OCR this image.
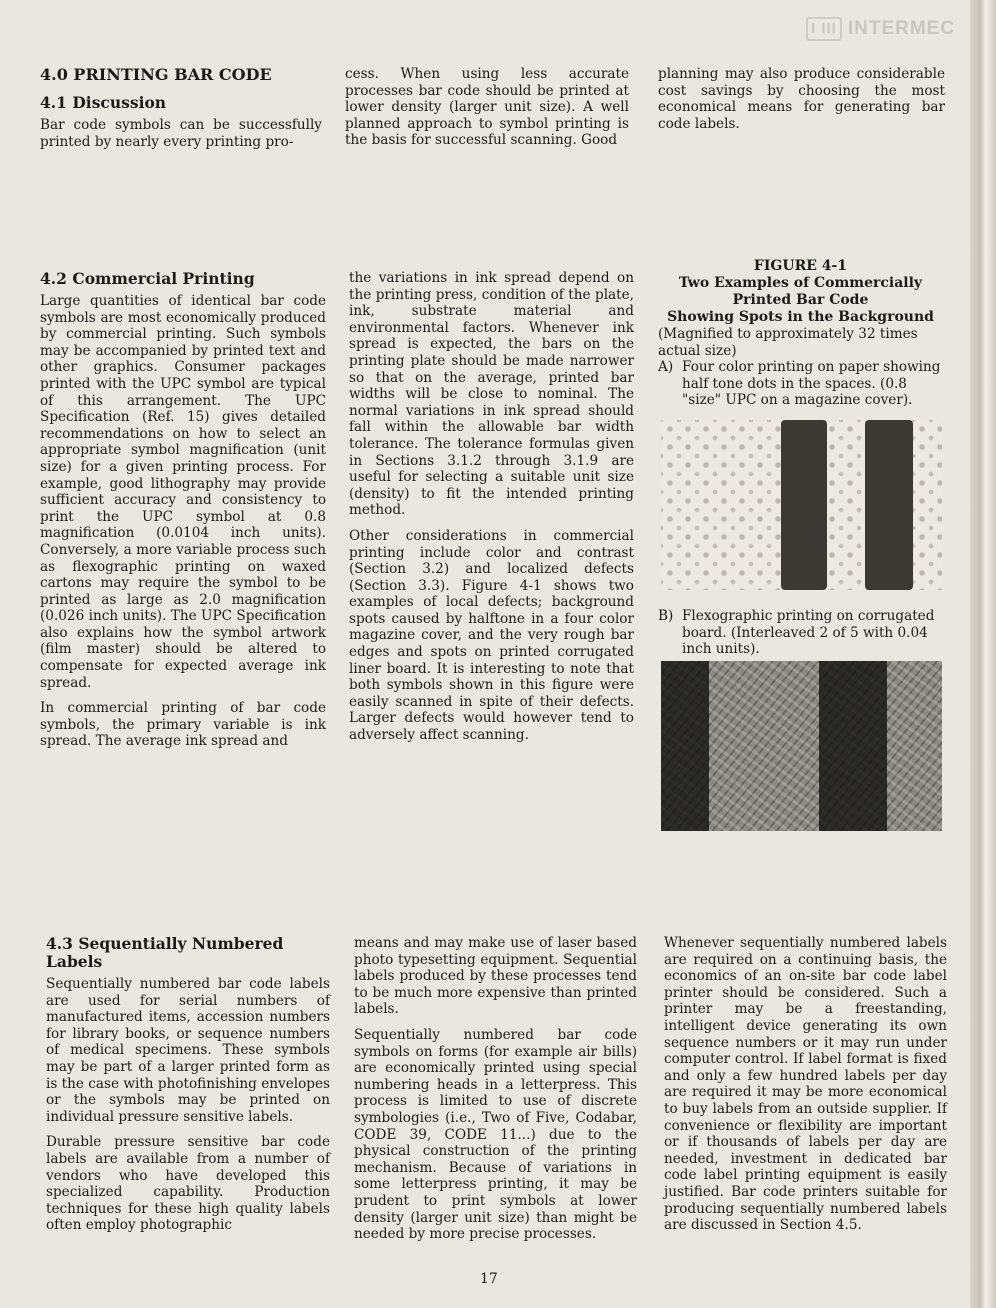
I III INTERMEC
4.0 PRINTING BAR CODE
4.1 Discussion

Bar code symbols can be successfully printed by nearly every printing pro-

cess. When using less accurate processes bar code should be printed at lower density (larger unit size). A well planned approach to symbol printing is the basis for successful scanning. Good

planning may also produce considerable cost savings by choosing the most economical means for generating bar code labels.

4.2 Commercial Printing

Large quantities of identical bar code symbols are most economically produced by commercial printing. Such symbols may be accompanied by printed text and other graphics. Consumer packages printed with the UPC symbol are typical of this arrangement. The UPC Specification (Ref. 15) gives detailed recommendations on how to select an appropriate symbol magnification (unit size) for a given printing process. For example, good lithography may provide sufficient accuracy and consistency to print the UPC symbol at 0.8 magnification (0.0104 inch units). Conversely, a more variable process such as flexographic printing on waxed cartons may require the symbol to be printed as large as 2.0 magnification (0.026 inch units). The UPC Specification also explains how the symbol artwork (film master) should be altered to compensate for expected average ink spread.

In commercial printing of bar code symbols, the primary variable is ink spread. The average ink spread and

the variations in ink spread depend on the printing press, condition of the plate, ink, substrate material and environmental factors. Whenever ink spread is expected, the bars on the printing plate should be made narrower so that on the average, printed bar widths will be close to nominal. The normal variations in ink spread should fall within the allowable bar width tolerance. The tolerance formulas given in Sections 3.1.2 through 3.1.9 are useful for selecting a suitable unit size (density) to fit the intended printing method.

Other considerations in commercial printing include color and contrast (Section 3.2) and localized defects (Section 3.3). Figure 4-1 shows two examples of local defects; background spots caused by halftone in a four color magazine cover, and the very rough bar edges and spots on printed corrugated liner board. It is interesting to note that both symbols shown in this figure were easily scanned in spite of their defects. Larger defects would however tend to adversely affect scanning.

FIGURE 4-1
Two Examples of Commercially
Printed Bar Code
Showing Spots in the Background
(Magnified to approximately 32 times actual size)
A) Four color printing on paper showing half tone dots in the spaces. (0.8 "size" UPC on a magazine cover).
B) Flexographic printing on corrugated board. (Interleaved 2 of 5 with 0.04 inch units).
4.3 Sequentially Numbered Labels

Sequentially numbered bar code labels are used for serial numbers of manufactured items, accession numbers for library books, or sequence numbers of medical specimens. These symbols may be part of a larger printed form as is the case with photofinishing envelopes or the symbols may be printed on individual pressure sensitive labels.

Durable pressure sensitive bar code labels are available from a number of vendors who have developed this specialized capability. Production techniques for these high quality labels often employ photographic

means and may make use of laser based photo typesetting equipment. Sequential labels produced by these processes tend to be much more expensive than printed labels.

Sequentially numbered bar code symbols on forms (for example air bills) are economically printed using special numbering heads in a letterpress. This process is limited to use of discrete symbologies (i.e., Two of Five, Codabar, CODE 39, CODE 11...) due to the physical construction of the printing mechanism. Because of variations in some letterpress printing, it may be prudent to print symbols at lower density (larger unit size) than might be needed by more precise processes.

Whenever sequentially numbered labels are required on a continuing basis, the economics of an on-site bar code label printer should be considered. Such a printer may be a freestanding, intelligent device generating its own sequence numbers or it may run under computer control. If label format is fixed and only a few hundred labels per day are required it may be more economical to buy labels from an outside supplier. If convenience or flexibility are important or if thousands of labels per day are needed, investment in dedicated bar code label printing equipment is easily justified. Bar code printers suitable for producing sequentially numbered labels are discussed in Section 4.5.

17
